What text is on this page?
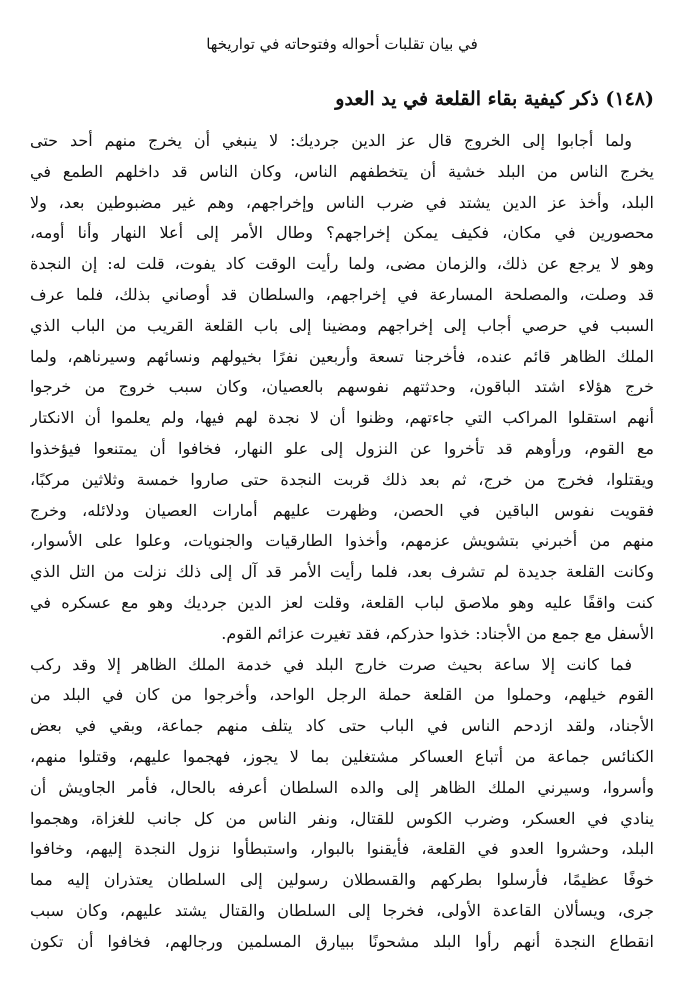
في بيان تقلبات أحواله وفتوحاته في تواريخها
(١٤٨) ذكر كيفية بقاء القلعة في يد العدو
ولما أجابوا إلى الخروج قال عز الدين جرديك: لا ينبغي أن يخرج منهم أحد حتى
يخرج الناس من البلد خشية أن يتخطفهم الناس، وكان الناس قد داخلهم الطمع في
البلد، وأخذ عز الدين يشتد في ضرب الناس وإخراجهم، وهم غير مضبوطين بعد، ولا
محصورين في مكان، فكيف يمكن إخراجهم؟ وطال الأمر إلى أعلا النهار وأنا أومه،
وهو لا يرجع عن ذلك، والزمان مضى، ولما رأيت الوقت كاد يفوت، قلت له: إن النجدة
قد وصلت، والمصلحة المسارعة في إخراجهم، والسلطان قد أوصاني بذلك، فلما عرف
السبب في حرصي أجاب إلى إخراجهم ومضينا إلى باب القلعة القريب من الباب الذي
الملك الظاهر قائم عنده، فأخرجنا تسعة وأربعين نفرًا بخيولهم ونسائهم وسيرناهم، ولما
خرج هؤلاء اشتد الباقون، وحدثتهم نفوسهم بالعصيان، وكان سبب خروج من خرجوا
أنهم استقلوا المراكب التي جاءتهم، وظنوا أن لا نجدة لهم فيها، ولم يعلموا أن الانكتار
مع القوم، ورأوهم قد تأخروا عن النزول إلى علو النهار، فخافوا أن يمتنعوا فيؤخذوا
ويقتلوا، فخرج من خرج، ثم بعد ذلك قربت النجدة حتى صاروا خمسة وثلاثين مركبًا،
فقويت نفوس الباقين في الحصن، وظهرت عليهم أمارات العصيان ودلائله، وخرج
منهم من أخبرني بتشويش عزمهم، وأخذوا الطارقيات والجنويات، وعلوا على الأسوار،
وكانت القلعة جديدة لم تشرف بعد، فلما رأيت الأمر قد آل إلى ذلك نزلت من التل الذي
كنت واقفًا عليه وهو ملاصق لباب القلعة، وقلت لعز الدين جرديك وهو مع عسكره في
الأسفل مع جمع من الأجناد: خذوا حذركم، فقد تغيرت عزائم القوم.
فما كانت إلا ساعة بحيث صرت خارج البلد في خدمة الملك الظاهر إلا وقد ركب
القوم خيلهم، وحملوا من القلعة حملة الرجل الواحد، وأخرجوا من كان في البلد من
الأجناد، ولقد ازدحم الناس في الباب حتى كاد يتلف منهم جماعة، وبقي في بعض
الكنائس جماعة من أتباع العساكر مشتغلين بما لا يجوز، فهجموا عليهم، وقتلوا منهم،
وأسروا، وسيرني الملك الظاهر إلى والده السلطان أعرفه بالحال، فأمر الجاويش أن
ينادي في العسكر، وضرب الكوس للقتال، ونفر الناس من كل جانب للغزاة، وهجموا
البلد، وحشروا العدو في القلعة، فأيقنوا بالبوار، واستبطأوا نزول النجدة إليهم، وخافوا
خوفًا عظيمًا، فأرسلوا بطركهم والقسطلان رسولين إلى السلطان يعتذران إليه مما
جرى، ويسألان القاعدة الأولى، فخرجا إلى السلطان والقتال يشتد عليهم، وكان سبب
انقطاع النجدة أنهم رأوا البلد مشحونًا ببيارق المسلمين ورجالهم، فخافوا أن تكون
